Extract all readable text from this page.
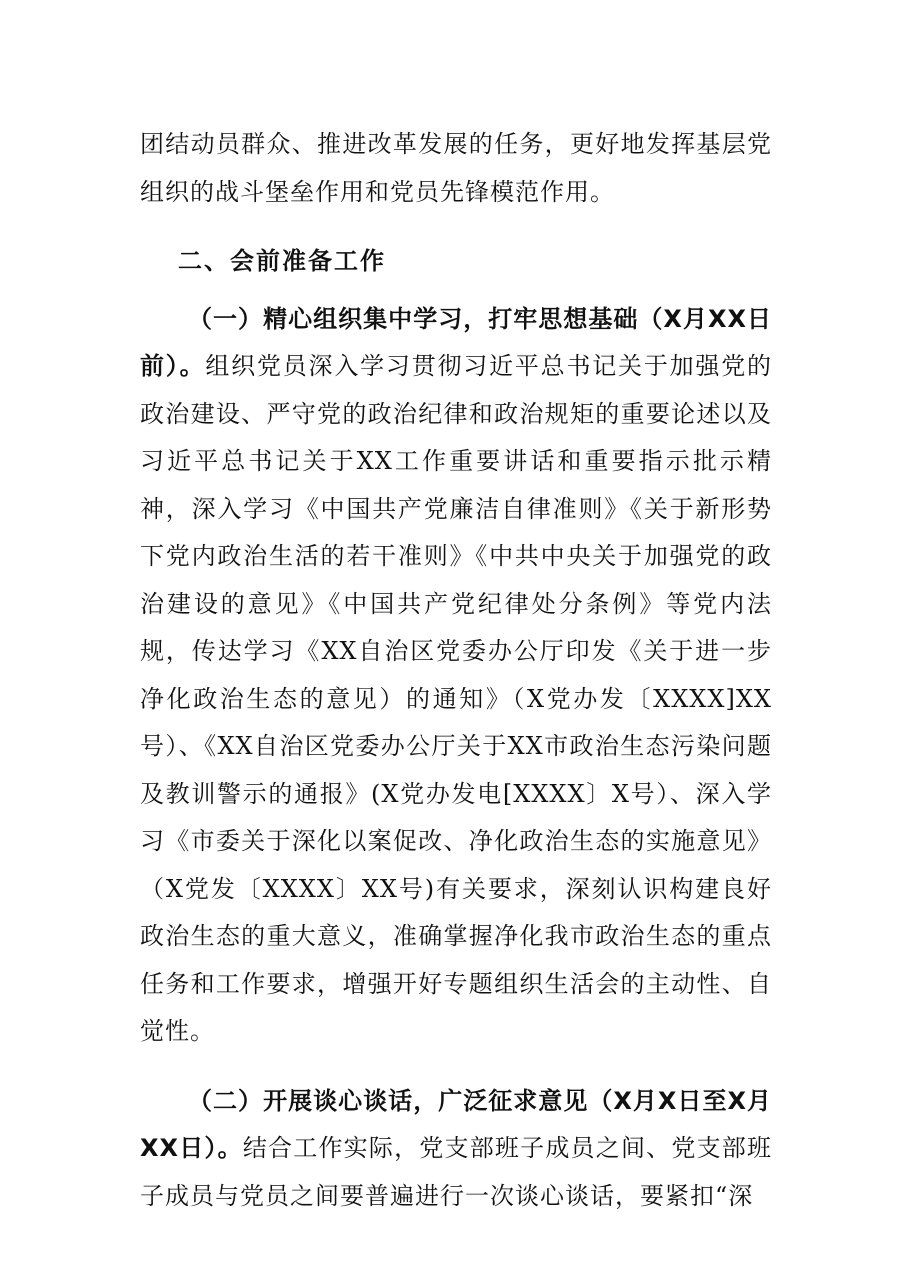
团结动员群众、推进改革发展的任务，更好地发挥基层党组织的战斗堡垒作用和党员先锋模范作用。

二、会前准备工作

（一）精心组织集中学习，打牢思想基础（X月XX日前）。组织党员深入学习贯彻习近平总书记关于加强党的政治建设、严守党的政治纪律和政治规矩的重要论述以及习近平总书记关于XX工作重要讲话和重要指示批示精神，深入学习《中国共产党廉洁自律准则》《关于新形势下党内政治生活的若干准则》《中共中央关于加强党的政治建设的意见》《中国共产党纪律处分条例》等党内法规，传达学习《XX自治区党委办公厅印发《关于进一步净化政治生态的意见）的通知》（X党办发〔XXXX]XX号）、《XX自治区党委办公厅关于XX市政治生态污染问题及教训警示的通报》(X党办发电[XXXX〕X号）、深入学习《市委关于深化以案促改、净化政治生态的实施意见》（X党发〔XXXX〕XX号)有关要求，深刻认识构建良好政治生态的重大意义，准确掌握净化我市政治生态的重点任务和工作要求，增强开好专题组织生活会的主动性、自觉性。

（二）开展谈心谈话，广泛征求意见（X月X日至X月XX日）。结合工作实际，党支部班子成员之间、党支部班子成员与党员之间要普遍进行一次谈心谈话，要紧扣“深
